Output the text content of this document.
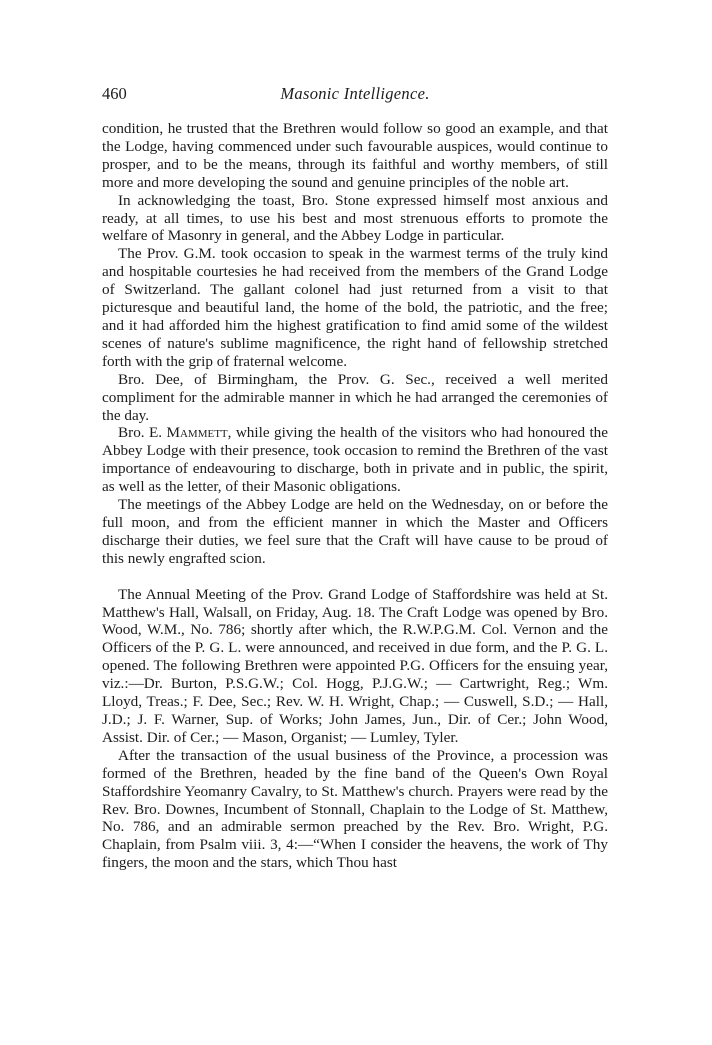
460	Masonic Intelligence.

condition, he trusted that the Brethren would follow so good an example, and that the Lodge, having commenced under such favourable auspices, would continue to prosper, and to be the means, through its faithful and worthy members, of still more and more developing the sound and genuine principles of the noble art.

In acknowledging the toast, Bro. Stone expressed himself most anxious and ready, at all times, to use his best and most strenuous efforts to promote the welfare of Masonry in general, and the Abbey Lodge in particular.

The Prov. G.M. took occasion to speak in the warmest terms of the truly kind and hospitable courtesies he had received from the members of the Grand Lodge of Switzerland. The gallant colonel had just returned from a visit to that picturesque and beautiful land, the home of the bold, the patriotic, and the free; and it had afforded him the highest gratification to find amid some of the wildest scenes of nature's sublime magnificence, the right hand of fellowship stretched forth with the grip of fraternal welcome.

Bro. Dee, of Birmingham, the Prov. G. Sec., received a well merited compliment for the admirable manner in which he had arranged the ceremonies of the day.

Bro. E. Mammett, while giving the health of the visitors who had honoured the Abbey Lodge with their presence, took occasion to remind the Brethren of the vast importance of endeavouring to discharge, both in private and in public, the spirit, as well as the letter, of their Masonic obligations.

The meetings of the Abbey Lodge are held on the Wednesday, on or before the full moon, and from the efficient manner in which the Master and Officers discharge their duties, we feel sure that the Craft will have cause to be proud of this newly engrafted scion.

The Annual Meeting of the Prov. Grand Lodge of Staffordshire was held at St. Matthew's Hall, Walsall, on Friday, Aug. 18. The Craft Lodge was opened by Bro. Wood, W.M., No. 786; shortly after which, the R.W.P.G.M. Col. Vernon and the Officers of the P. G. L. were announced, and received in due form, and the P. G. L. opened. The following Brethren were appointed P.G. Officers for the ensuing year, viz.:—Dr. Burton, P.S.G.W.; Col. Hogg, P.J.G.W.; — Cartwright, Reg.; Wm. Lloyd, Treas.; F. Dee, Sec.; Rev. W. H. Wright, Chap.; — Cuswell, S.D.; — Hall, J.D.; J. F. Warner, Sup. of Works; John James, Jun., Dir. of Cer.; John Wood, Assist. Dir. of Cer.; — Mason, Organist; — Lumley, Tyler.

After the transaction of the usual business of the Province, a procession was formed of the Brethren, headed by the fine band of the Queen's Own Royal Staffordshire Yeomanry Cavalry, to St. Matthew's church. Prayers were read by the Rev. Bro. Downes, Incumbent of Stonnall, Chaplain to the Lodge of St. Matthew, No. 786, and an admirable sermon preached by the Rev. Bro. Wright, P.G. Chaplain, from Psalm viii. 3, 4:—“When I consider the heavens, the work of Thy fingers, the moon and the stars, which Thou hast
